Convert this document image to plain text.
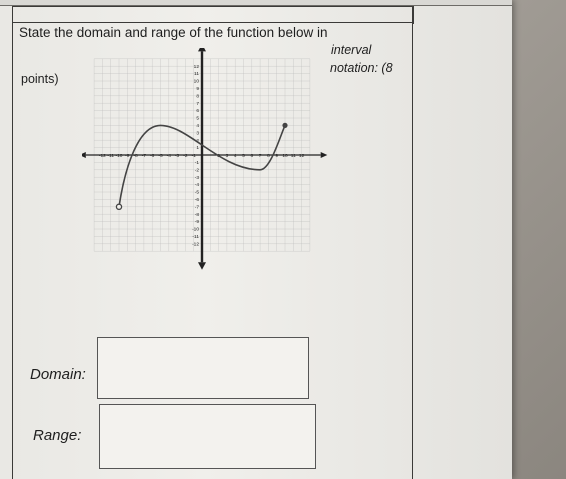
State the domain and range of the function below in
interval
notation: (8
points)
-12 -11 -10 -9 -8 -7 -6 -5 -4 -3 -2 -1	2 3 4 5 6 7 8 9 10 11 12
12
11
10
9
8
7
6
5
4
3
2
1
-1
-2
-3
-4
-5
-6
-7
-8
-9
-10
-11
-12
Domain:
Range:
